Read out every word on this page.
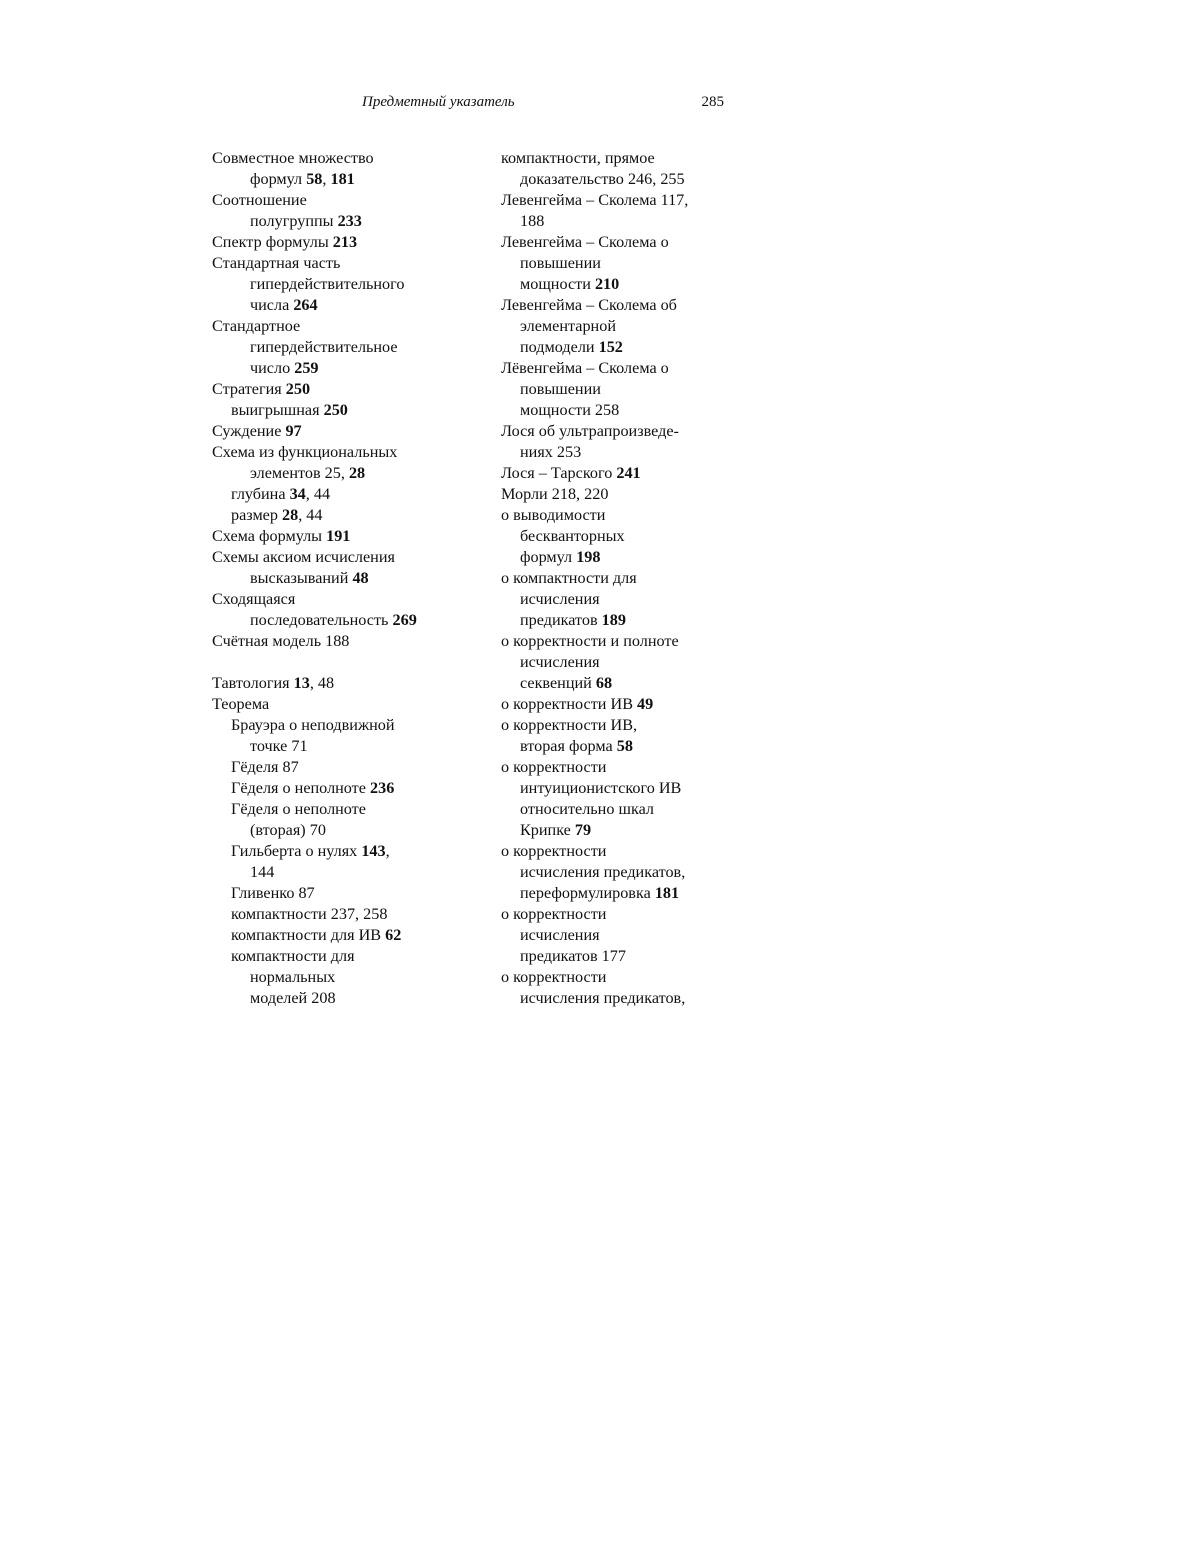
Предметный указатель	285
Совместное множество
формул 58, 181
Соотношение
полугруппы 233
Спектр формулы 213
Стандартная часть
гипердействительного
числа 264
Стандартное
гипердействительное
число 259
Стратегия 250
выигрышная 250
Суждение 97
Схема из функциональных
элементов 25, 28
глубина 34, 44
размер 28, 44
Схема формулы 191
Схемы аксиом исчисления
высказываний 48
Сходящаяся
последовательность 269
Счётная модель 188
Тавтология 13, 48
Теорема
Брауэра о неподвижной
точке 71
Гёделя 87
Гёделя о неполноте 236
Гёделя о неполноте
(вторая) 70
Гильберта о нулях 143,
144
Гливенко 87
компактности 237, 258
компактности для ИВ 62
компактности для
нормальных
моделей 208
компактности, прямое
доказательство 246, 255
Левенгейма – Сколема 117,
188
Левенгейма – Сколема о
повышении
мощности 210
Левенгейма – Сколема об
элементарной
подмодели 152
Лёвенгейма – Сколема о
повышении
мощности 258
Лося об ультрапроизведе-
ниях 253
Лося – Тарского 241
Морли 218, 220
о выводимости
бескванторных
формул 198
о компактности для
исчисления
предикатов 189
о корректности и полноте
исчисления
секвенций 68
о корректности ИВ 49
о корректности ИВ,
вторая форма 58
о корректности
интуиционистского ИВ
относительно шкал
Крипке 79
о корректности
исчисления предикатов,
переформулировка 181
о корректности
исчисления
предикатов 177
о корректности
исчисления предикатов,
